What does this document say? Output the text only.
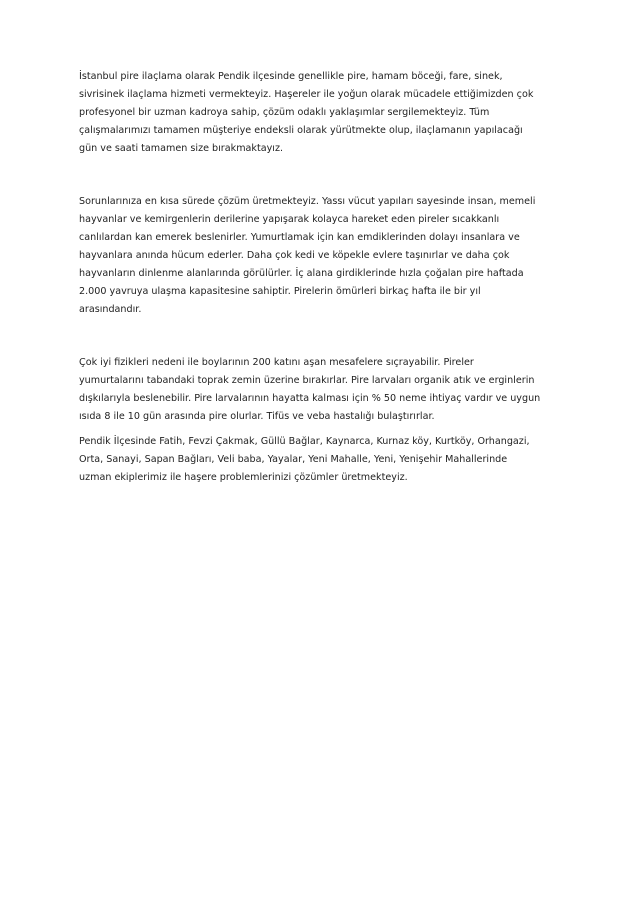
İstanbul pire ilaçlama olarak Pendik ilçesinde genellikle pire, hamam böceği, fare, sinek,
sivrisinek ilaçlama hizmeti vermekteyiz. Haşereler ile yoğun olarak mücadele ettiğimizden çok
profesyonel bir uzman kadroya sahip, çözüm odaklı yaklaşımlar sergilemekteyiz. Tüm
çalışmalarımızı tamamen müşteriye endeksli olarak yürütmekte olup, ilaçlamanın yapılacağı
gün ve saati tamamen size bırakmaktayız.

Sorunlarınıza en kısa sürede çözüm üretmekteyiz. Yassı vücut yapıları sayesinde insan, memeli
hayvanlar ve kemirgenlerin derilerine yapışarak kolayca hareket eden pireler sıcakkanlı
canlılardan kan emerek beslenirler. Yumurtlamak için kan emdiklerinden dolayı insanlara ve
hayvanlara anında hücum ederler. Daha çok kedi ve köpekle evlere taşınırlar ve daha çok
hayvanların dinlenme alanlarında görülürler. İç alana girdiklerinde hızla çoğalan pire haftada
2.000 yavruya ulaşma kapasitesine sahiptir. Pirelerin ömürleri birkaç hafta ile bir yıl
arasındandır.

Çok iyi fizikleri nedeni ile boylarının 200 katını aşan mesafelere sıçrayabilir. Pireler
yumurtalarını tabandaki toprak zemin üzerine bırakırlar. Pire larvaları organik atık ve erginlerin
dışkılarıyla beslenebilir. Pire larvalarının hayatta kalması için % 50 neme ihtiyaç vardır ve uygun
ısıda 8 ile 10 gün arasında pire olurlar. Tifüs ve veba hastalığı bulaştırırlar.

Pendik İlçesinde Fatih, Fevzi Çakmak, Güllü Bağlar, Kaynarca, Kurnaz köy, Kurtköy, Orhangazi,
Orta, Sanayi, Sapan Bağları, Veli baba, Yayalar, Yeni Mahalle, Yeni, Yenişehir Mahallerinde
uzman ekiplerimiz ile haşere problemlerinizi çözümler üretmekteyiz.
